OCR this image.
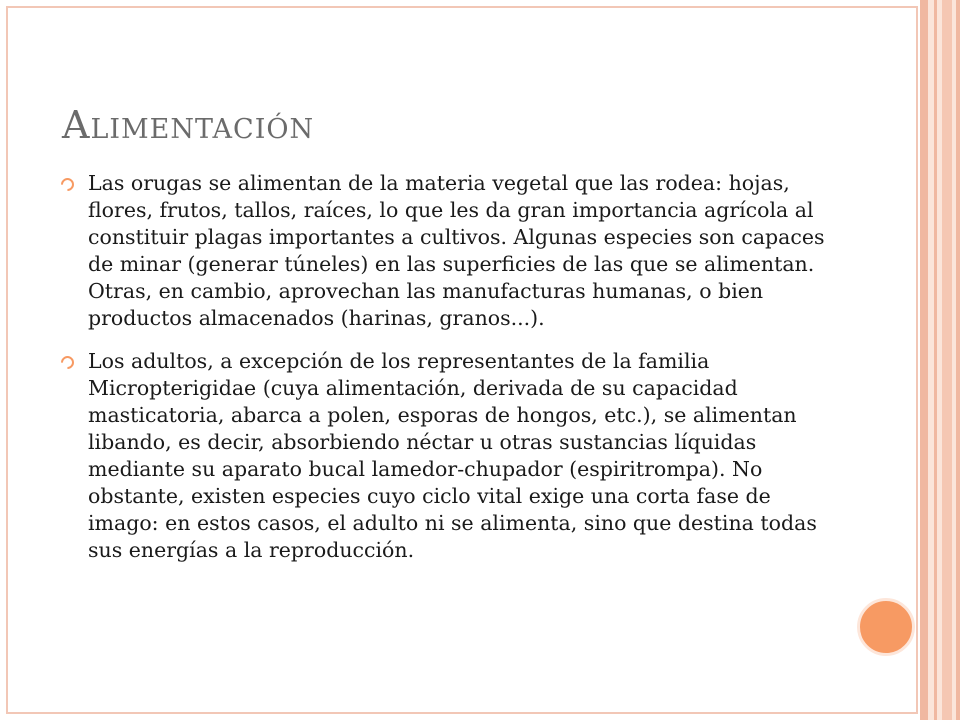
Alimentación
Las orugas se alimentan de la materia vegetal que las rodea: hojas, flores, frutos, tallos, raíces, lo que les da gran importancia agrícola al constituir plagas importantes a cultivos. Algunas especies son capaces de minar (generar túneles) en las superficies de las que se alimentan. Otras, en cambio, aprovechan las manufacturas humanas, o bien productos almacenados (harinas, granos...).
Los adultos, a excepción de los representantes de la familia Micropterigidae (cuya alimentación, derivada de su capacidad masticatoria, abarca a polen, esporas de hongos, etc.), se alimentan libando, es decir, absorbiendo néctar u otras sustancias líquidas mediante su aparato bucal lamedor-chupador (espiritrompa). No obstante, existen especies cuyo ciclo vital exige una corta fase de imago: en estos casos, el adulto ni se alimenta, sino que destina todas sus energías a la reproducción.
